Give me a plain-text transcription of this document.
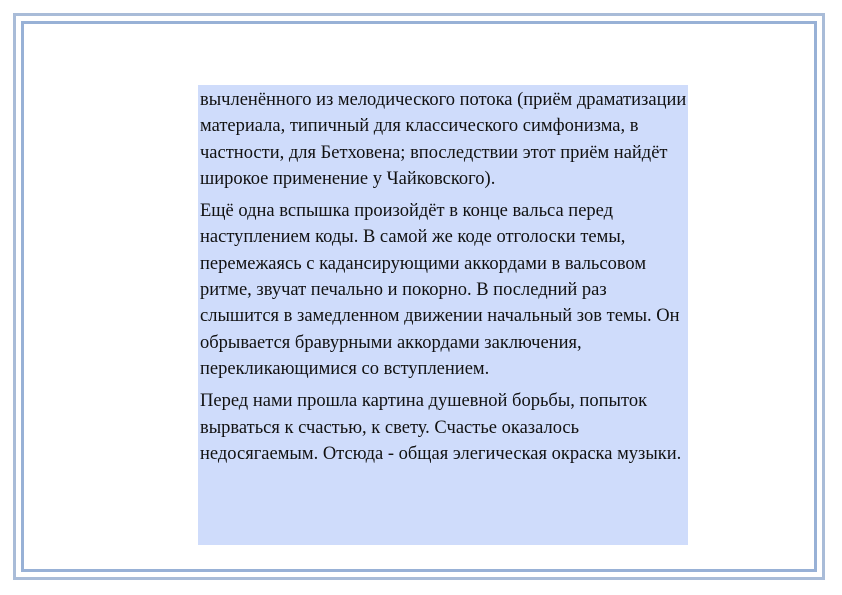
вычленённого из мелодического потока (приём драматизации материала, типичный для классического симфонизма, в частности, для Бетховена; впоследствии этот приём найдёт широкое применение у Чайковского).

Ещё одна вспышка произойдёт в конце вальса перед наступлением коды. В самой же коде отголоски темы, перемежаясь с кадансирующими аккордами в вальсовом ритме, звучат печально и покорно. В последний раз слышится в замедленном движении начальный зов темы. Он обрывается бравурными аккордами заключения, перекликающимися со вступлением.

Перед нами прошла картина душевной борьбы, попыток вырваться к счастью, к свету. Счастье оказалось недосягаемым. Отсюда - общая элегическая окраска музыки.
